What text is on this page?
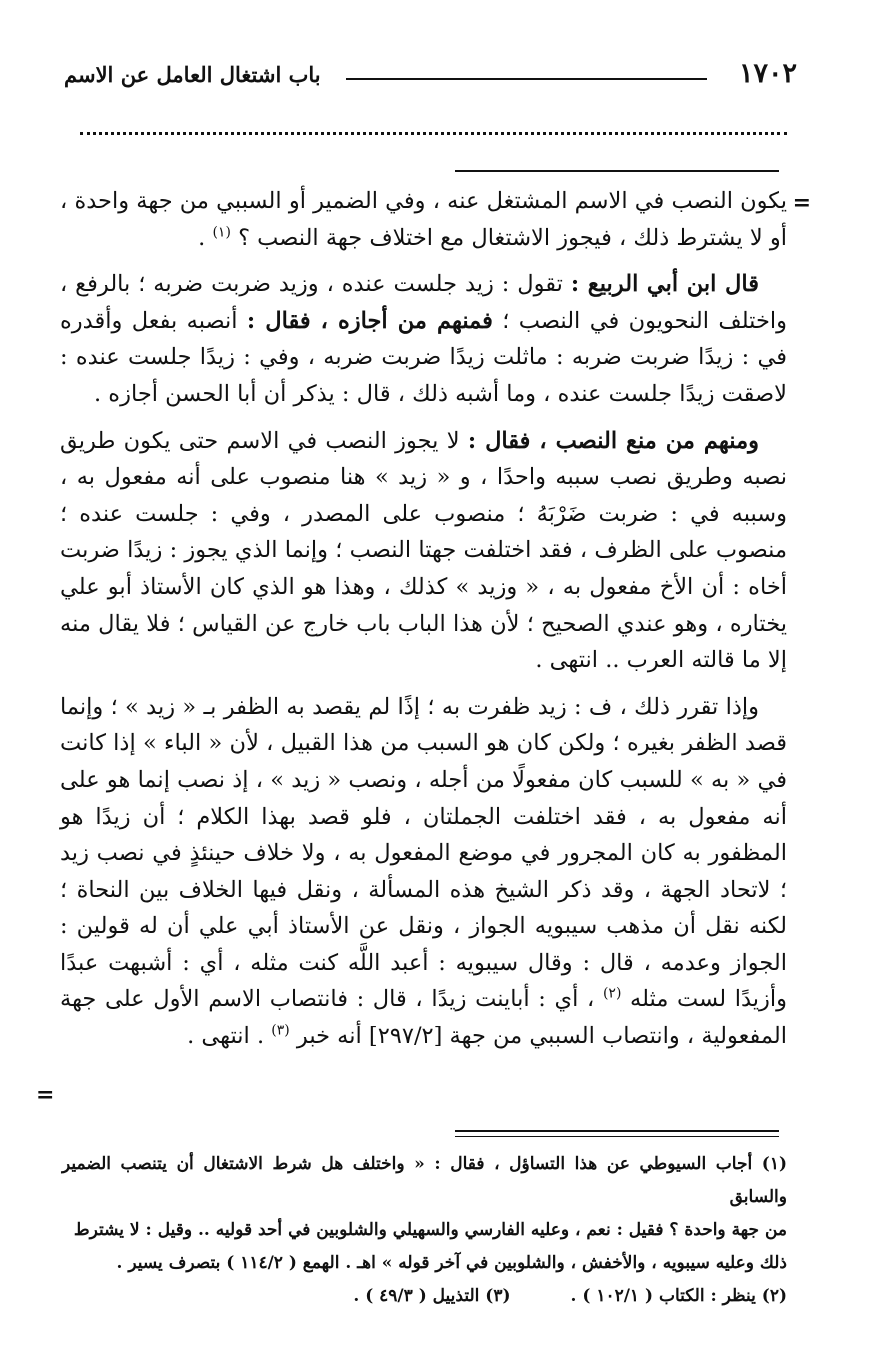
١٧٠٢
باب اشتغال العامل عن الاسم
=

يكون النصب في الاسم المشتغل عنه ، وفي الضمير أو السببي من جهة واحدة ، أو لا يشترط ذلك ، فيجوز الاشتغال مع اختلاف جهة النصب ؟ $^{(١)}$ .

قال ابن أبي الربيع : تقول : زيد جلست عنده ، وزيد ضربت ضربه ؛ بالرفع ، واختلف النحويون في النصب ؛ فمنهم من أجازه ، فقال : أنصبه بفعل وأقدره في : زيدًا ضربت ضربه : ماثلت زيدًا ضربت ضربه ، وفي : زيدًا جلست عنده : لاصقت زيدًا جلست عنده ، وما أشبه ذلك ، قال : يذكر أن أبا الحسن أجازه .

ومنهم من منع النصب ، فقال : لا يجوز النصب في الاسم حتى يكون طريق نصبه وطريق نصب سببه واحدًا ، و « زيد » هنا منصوب على أنه مفعول به ، وسببه في : ضربت ضَرْبَهُ ؛ منصوب على المصدر ، وفي : جلست عنده ؛ منصوب على الظرف ، فقد اختلفت جهتا النصب ؛ وإنما الذي يجوز : زيدًا ضربت أخاه : أن الأخ مفعول به ، « وزيد » كذلك ، وهذا هو الذي كان الأستاذ أبو علي يختاره ، وهو عندي الصحيح ؛ لأن هذا الباب باب خارج عن القياس ؛ فلا يقال منه إلا ما قالته العرب .. انتهى .

وإذا تقرر ذلك ، ف : زيد ظفرت به ؛ إذًا لم يقصد به الظفر بـ « زيد » ؛ وإنما قصد الظفر بغيره ؛ ولكن كان هو السبب من هذا القبيل ، لأن « الباء » إذا كانت في « به » للسبب كان مفعولًا من أجله ، ونصب « زيد » ، إذ نصب إنما هو على أنه مفعول به ، فقد اختلفت الجملتان ، فلو قصد بهذا الكلام ؛ أن زيدًا هو المظفور به كان المجرور في موضع المفعول به ، ولا خلاف حينئذٍ في نصب زيد ؛ لاتحاد الجهة ، وقد ذكر الشيخ هذه المسألة ، ونقل فيها الخلاف بين النحاة ؛ لكنه نقل أن مذهب سيبويه الجواز ، ونقل عن الأستاذ أبي علي أن له قولين : الجواز وعدمه ، قال : وقال سيبويه : أعبد اللَّه كنت مثله ، أي : أشبهت عبدًا وأزيدًا لست مثله $^{(٢)}$ ، أي : أباينت زيدًا ، قال : فانتصاب الاسم الأول على جهة المفعولية ، وانتصاب السببي من جهة [٢٩٧/٢] أنه خبر $^{(٣)}$ . انتهى .

=

(١) أجاب السيوطي عن هذا التساؤل ، فقال : « واختلف هل شرط الاشتغال أن يتنصب الضمير والسابق

من جهة واحدة ؟ فقيل : نعم ، وعليه الفارسي والسهيلي والشلوبين في أحد قوليه .. وقيل : لا يشترط

ذلك وعليه سيبويه ، والأخفش ، والشلوبين في آخر قوله » اهـ . الهمع ( ١١٤/٢ ) بتصرف يسير .

(٢) ينظر : الكتاب ( ١٠٢/١ ) .
(٣) التذييل ( ٤٩/٣ ) .
